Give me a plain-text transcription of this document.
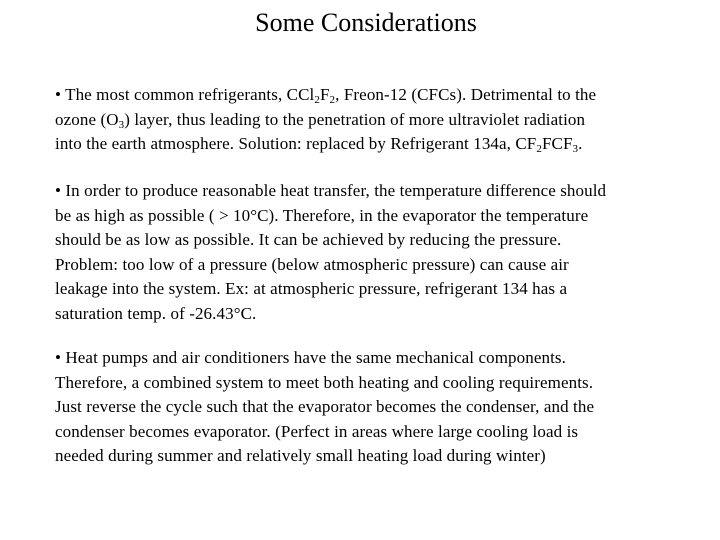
Some Considerations
• The most common refrigerants, $CCl_2F_2$, Freon-12 (CFCs). Detrimental to the
ozone $(O_3)$ layer, thus leading to the penetration of more ultraviolet radiation
into the earth atmosphere. Solution: replaced by Refrigerant 134a, $CF_2FCF_3$.
• In order to produce reasonable heat transfer, the temperature difference should
be as high as possible ( > 10°C). Therefore, in the evaporator the temperature
should be as low as possible. It can be achieved by reducing the pressure.
Problem: too low of a pressure (below atmospheric pressure) can cause air
leakage into the system. Ex: at atmospheric pressure, refrigerant 134 has a
saturation temp. of -26.43°C.
• Heat pumps and air conditioners have the same mechanical components.
Therefore, a combined system to meet both heating and cooling requirements.
Just reverse the cycle such that the evaporator becomes the condenser, and the
condenser becomes evaporator. (Perfect in areas where large cooling load is
needed during summer and relatively small heating load during winter)
